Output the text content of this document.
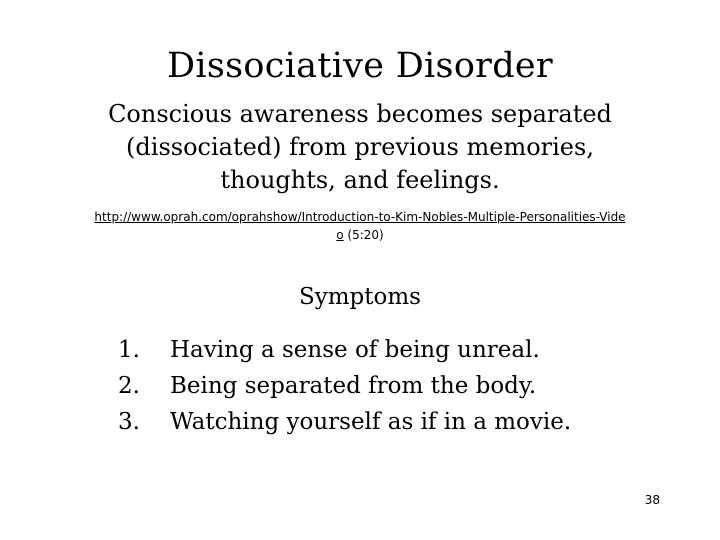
Dissociative Disorder
Conscious awareness becomes separated (dissociated) from previous memories, thoughts, and feelings.
http://www.oprah.com/oprahshow/Introduction-to-Kim-Nobles-Multiple-Personalities-Video (5:20)
Symptoms
1.	Having a sense of being unreal.
2.	Being separated from the body.
3.	Watching yourself as if in a movie.
38
